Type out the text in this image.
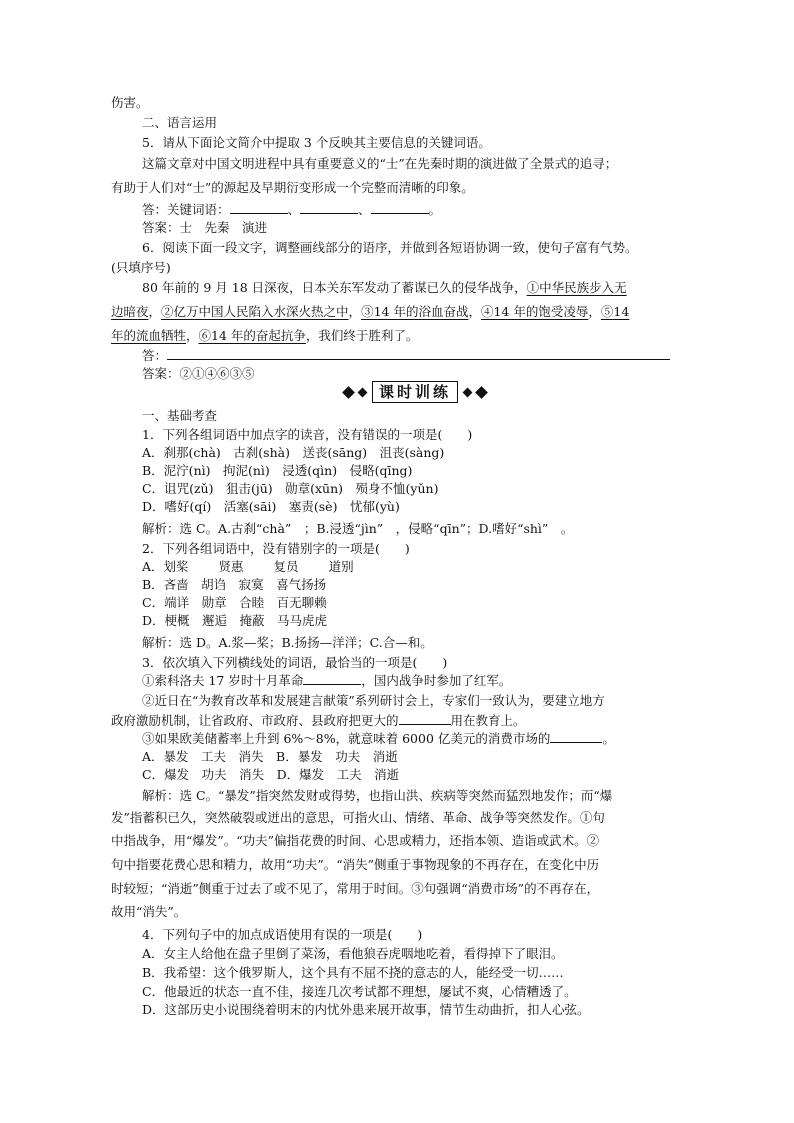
伤害。
二、语言运用
5．请从下面论文简介中提取 3 个反映其主要信息的关键词语。
这篇文章对中国文明进程中具有重要意义的“士”在先秦时期的演进做了全景式的追寻；
有助于人们对“士”的源起及早期衍变形成一个完整而清晰的印象。
答：关键词语：	、	、	。
答案：士　先秦　演进
6．阅读下面一段文字，调整画线部分的语序，并做到各短语协调一致，使句子富有气势。
(只填序号)
80 年前的 9 月 18 日深夜，日本关东军发动了蓄谋已久的侵华战争，①中华民族步入无
边暗夜，②亿万中国人民陷入水深火热之中，③14 年的浴血奋战，④14 年的饱受凌辱，⑤14
年的流血牺牲，⑥14 年的奋起抗争，我们终于胜利了。
答：
答案：②①④⑥③⑤
课时训练
一、基础考查
1．下列各组词语中加点字的读音，没有错误的一项是(　　)
A．刹那(chà)　古刹(shà)　送丧(sāng)　沮丧(sàng)
B．泥泞(nì)　拘泥(nì)　浸透(qìn)　侵略(qīng)
C．诅咒(zǔ)　狙击(jū)　勋章(xūn)　殒身不恤(yǔn)
D．嗜好(qí)　活塞(sāi)　塞责(sè)　忧郁(yù)
解析：选 C。A.古刹“chà”　；B.浸透“jìn”　，侵略“qīn”；D.嗜好“shì”　。
2．下列各组词语中，没有错别字的一项是(　　)
A．划桨 贤惠 复员 道别
B．吝啬　胡诌　寂寞　喜气扬扬
C．端详　勋章　合睦　百无聊赖
D．梗概　邂逅　掩蔽　马马虎虎
解析：选 D。A.浆—桨；B.扬扬—洋洋；C.合—和。
3．依次填入下列横线处的词语，最恰当的一项是(　　)
①索科洛夫 17 岁时十月革命	，国内战争时参加了红军。
②近日在“为教育改革和发展建言献策”系列研讨会上，专家们一致认为，要建立地方
政府激励机制，让省政府、市政府、县政府把更大的	用在教育上。
③如果欧美储蓄率上升到 6%～8%，就意味着 6000 亿美元的消费市场的	。
A．暴发　工夫　消失　B．暴发　功夫　消逝
C．爆发　功夫　消失　D．爆发　工夫　消逝
解析：选 C。“暴发”指突然发财或得势，也指山洪、疾病等突然而猛烈地发作；而“爆
发”指蓄积已久，突然破裂或迸出的意思，可指火山、情绪、革命、战争等突然发作。①句
中指战争，用“爆发”。“功夫”偏指花费的时间、心思或精力，还指本领、造诣或武术。②
句中指要花费心思和精力，故用“功夫”。“消失”侧重于事物现象的不再存在，在变化中历
时较短；“消逝”侧重于过去了或不见了，常用于时间。③句强调“消费市场”的不再存在，
故用“消失”。
4．下列句子中的加点成语使用有误的一项是(　　)
A．女主人给他在盘子里倒了菜汤，看他狼吞虎咽地吃着，看得掉下了眼泪。
B．我希望：这个俄罗斯人，这个具有不屈不挠的意志的人，能经受一切……
C．他最近的状态一直不佳，接连几次考试都不理想，屡试不爽，心情糟透了。
D．这部历史小说围绕着明末的内忧外患来展开故事，情节生动曲折，扣人心弦。
